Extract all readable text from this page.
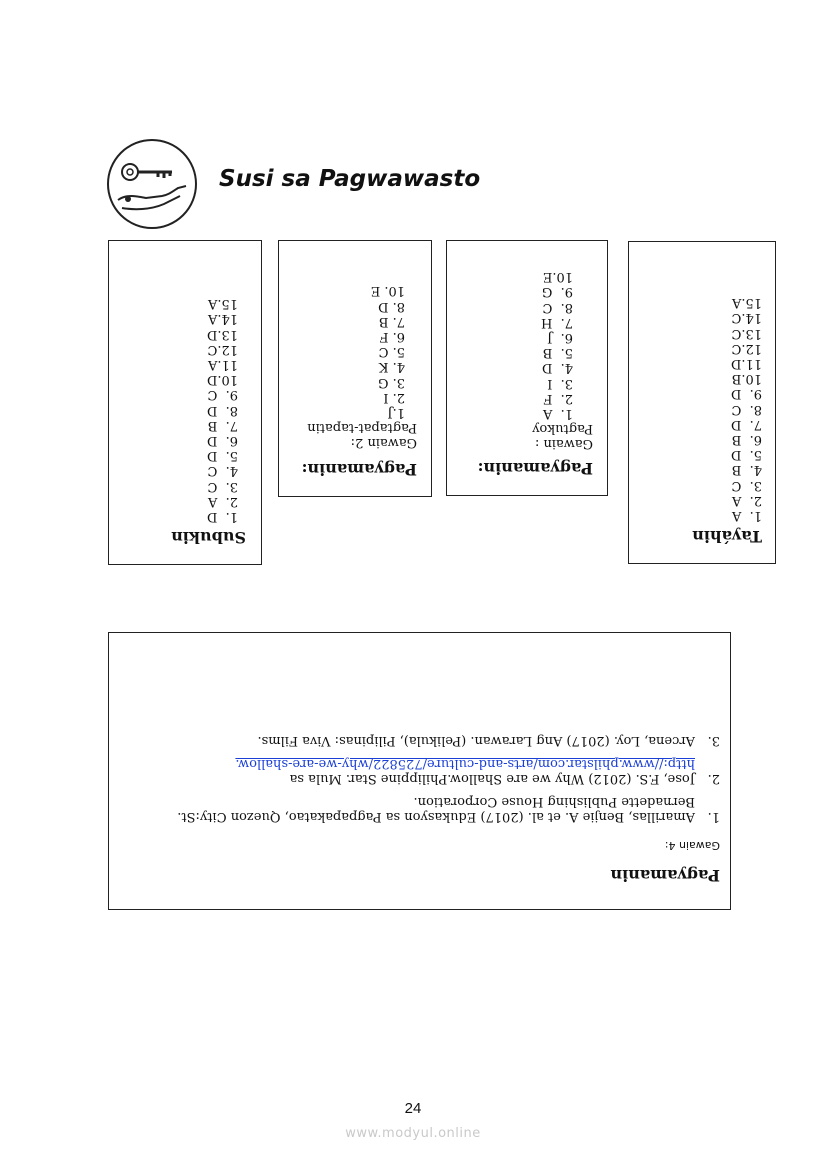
Susi sa Pagwawasto
Subukin
1.  D
2.  A
3.  C
4.  C
5.  D
6.  D
7.  B
8.  D
9.  C
10.D
11.A
12.C
13.D
14.A
15.A
Pagyamanin:
Gawain 2:
Pagtapat-tapatin
1.J
2. I
3. G
4. K
5. C
6. F
7. B
8. D
10. E
Pagyamanin:
Gawain :
Pagtukoy
1.  A
2.  F
3.  I
4.  D
5.  B
6.  J
7.  H
8.  C
9.  G
10.E
Tayáhin
1.  A
2.  A
3.  C
4.  B
5.  D
6.  B
7.  D
8.  C
9.  D
10.B
11.D
12.C
13.C
14.C
15.A
Pagyamanin
Gawain 4:
1.
Amarillas, Benjie A. et al. (2017) Edukasyon sa Pagpapakatao, Quezon City:St. Bernadette Publishing House Corporation.
2.
Jose, F.S. (2012) Why we are Shallow.Philippine Star. Mula sa
http://www.philstar.com/arts-and-culture/725822/why-we-are-shallow.
3.
Arcena, Loy. (2017) Ang Larawan. (Pelikula), Pilipinas: Viva Films.
24
www.modyul.online
